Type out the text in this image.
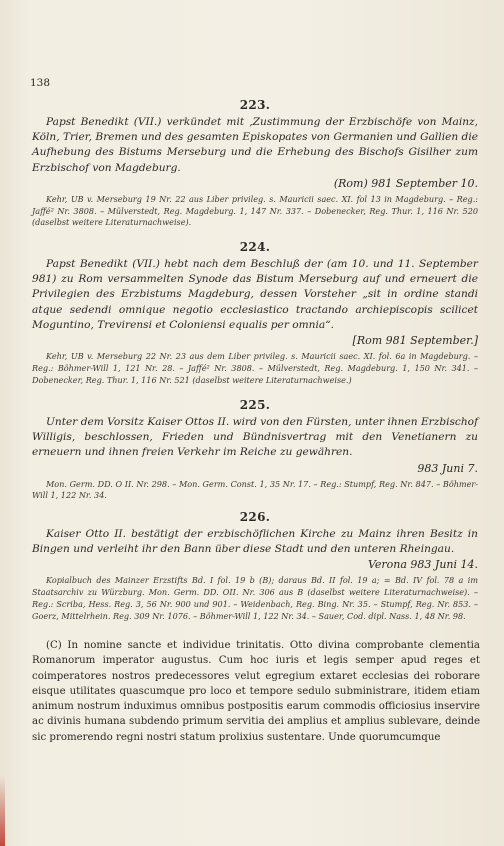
138
223.

Papst Benedikt (VII.) verkündet mit ‚Zustimmung der Erzbischöfe von Mainz, Köln, Trier, Bremen und des gesamten Episkopates von Germanien und Gallien die Aufhebung des Bistums Merseburg und die Erhebung des Bischofs Gisilher zum Erzbischof von Magdeburg.

(Rom) 981 September 10.

Kehr, UB v. Merseburg 19 Nr. 22 aus Liber privileg. s. Mauricii saec. XI. fol 13 in Magdeburg. – Reg.: Jaffé² Nr. 3808. – Mülverstedt, Reg. Magdeburg. 1, 147 Nr. 337. – Dobenecker, Reg. Thur. 1, 116 Nr. 520 (daselbst weitere Literaturnachweise).

224.

Papst Benedikt (VII.) hebt nach dem Beschluß der (am 10. und 11. September 981) zu Rom versammelten Synode das Bistum Merseburg auf und erneuert die Privilegien des Erzbistums Magdeburg, dessen Vorsteher „sit in ordine standi atque sedendi omnique negotio ecclesiastico tractando archiepiscopis scilicet Moguntino, Trevirensi et Coloniensi equalis per omnia“.

[Rom 981 September.]

Kehr, UB v. Merseburg 22 Nr. 23 aus dem Liber privileg. s. Mauricii saec. XI. fol. 6a in Magdeburg. – Reg.: Böhmer-Will 1, 121 Nr. 28. – Jaffé² Nr. 3808. – Mülverstedt, Reg. Magdeburg. 1, 150 Nr. 341. – Dobenecker, Reg. Thur. 1, 116 Nr. 521 (daselbst weitere Literaturnachweise.)

225.

Unter dem Vorsitz Kaiser Ottos II. wird von den Fürsten, unter ihnen Erzbischof Willigis, beschlossen, Frieden und Bündnisvertrag mit den Venetianern zu erneuern und ihnen freien Verkehr im Reiche zu gewähren.

983 Juni 7.

Mon. Germ. DD. O II. Nr. 298. – Mon. Germ. Const. 1, 35 Nr. 17. – Reg.: Stumpf, Reg. Nr. 847. – Böhmer-Will 1, 122 Nr. 34.

226.

Kaiser Otto II. bestätigt der erzbischöflichen Kirche zu Mainz ihren Besitz in Bingen und verleiht ihr den Bann über diese Stadt und den unteren Rheingau.

Verona 983 Juni 14.

Kopialbuch des Mainzer Erzstifts Bd. I fol. 19 b (B); daraus Bd. II fol. 19 a; = Bd. IV fol. 78 a im Staatsarchiv zu Würzburg. Mon. Germ. DD. OII. Nr. 306 aus B (daselbst weitere Literaturnachweise). – Reg.: Scriba, Hess. Reg. 3, 56 Nr. 900 und 901. – Weidenbach, Reg. Bing. Nr. 35. – Stumpf, Reg. Nr. 853. – Goerz, Mittelrhein. Reg. 309 Nr. 1076. – Böhmer-Will 1, 122 Nr. 34. – Sauer, Cod. dipl. Nass. 1, 48 Nr. 98.

(C) In nomine sancte et individue trinitatis. Otto divina comprobante clementia Romanorum imperator augustus. Cum hoc iuris et legis semper apud reges et coimperatores nostros predecessores velut egregium extaret ecclesias dei roborare eisque utilitates quascumque pro loco et tempore sedulo subministrare, itidem etiam animum nostrum induximus omnibus postpositis earum commodis officiosius inservire ac divinis humana subdendo primum servitia dei amplius et amplius sublevare, deinde sic promerendo regni nostri statum prolixius sustentare. Unde quorumcumque
